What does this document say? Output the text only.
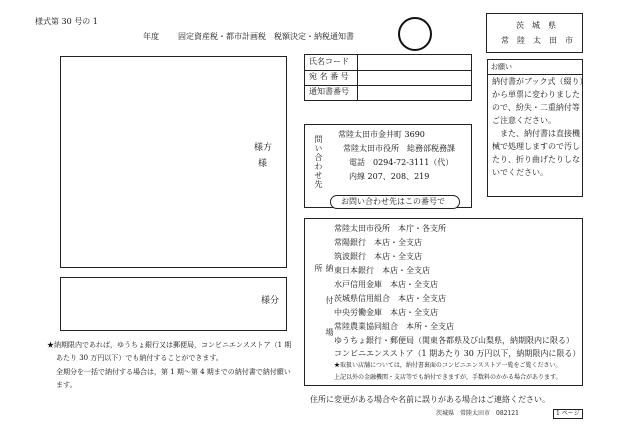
様式第 30 号の 1
年度 固定資産税・都市計画税　税額決定・納税通知書
茨　城　県
常　陸　太　田　市
様方
様
様分
氏名コード
宛 名 番 号
通知書番号
お願い
納付書がブック式（綴り）
から単票に変わりました
ので、紛失・二重納付等
ご注意ください。
　また、納付書は直接機
械で処理しますので汚し
たり、折り曲げたりしな
いでください。
問い合わせ先
常陸太田市金井町 3690
常陸太田市役所　総務部税務課
電話　0294-72-3111（代）
内線 207、208、219
お問い合わせ先はこの番号で
納　付　場　所
常陸太田市役所　本庁・各支所
常陽銀行　本店・全支店
筑波銀行　本店・全支店
東日本銀行　本店・全支店
水戸信用金庫　本店・全支店
茨城県信用組合　本店・全支店
中央労働金庫　本店・全支店
常陸農業協同組合　本所・全支店
ゆうちょ銀行・郵便局（関東各都県及び山梨県，納期限内に限る）
コンビニエンスストア（1 期あたり 30 万円以下，納期限内に限る）
★取扱い店舗については，納付書裏面のコンビニエンスストア一覧をご覧ください。
上記以外の金融機関・支店等でも納付できますが，手数料のかかる場合があります。
★納期限内であれば，ゆうちょ銀行又は郵便局，コンビニエンスストア（1 期
あたり 30 万円以下）でも納付することができます。
全期分を一括で納付する場合は，第 1 期〜第 4 期までの納付書で納付願い
ます。
住所に変更がある場合や名前に誤りがある場合はご連絡ください。
茨城県　常陸太田市　082121	1 ページ
